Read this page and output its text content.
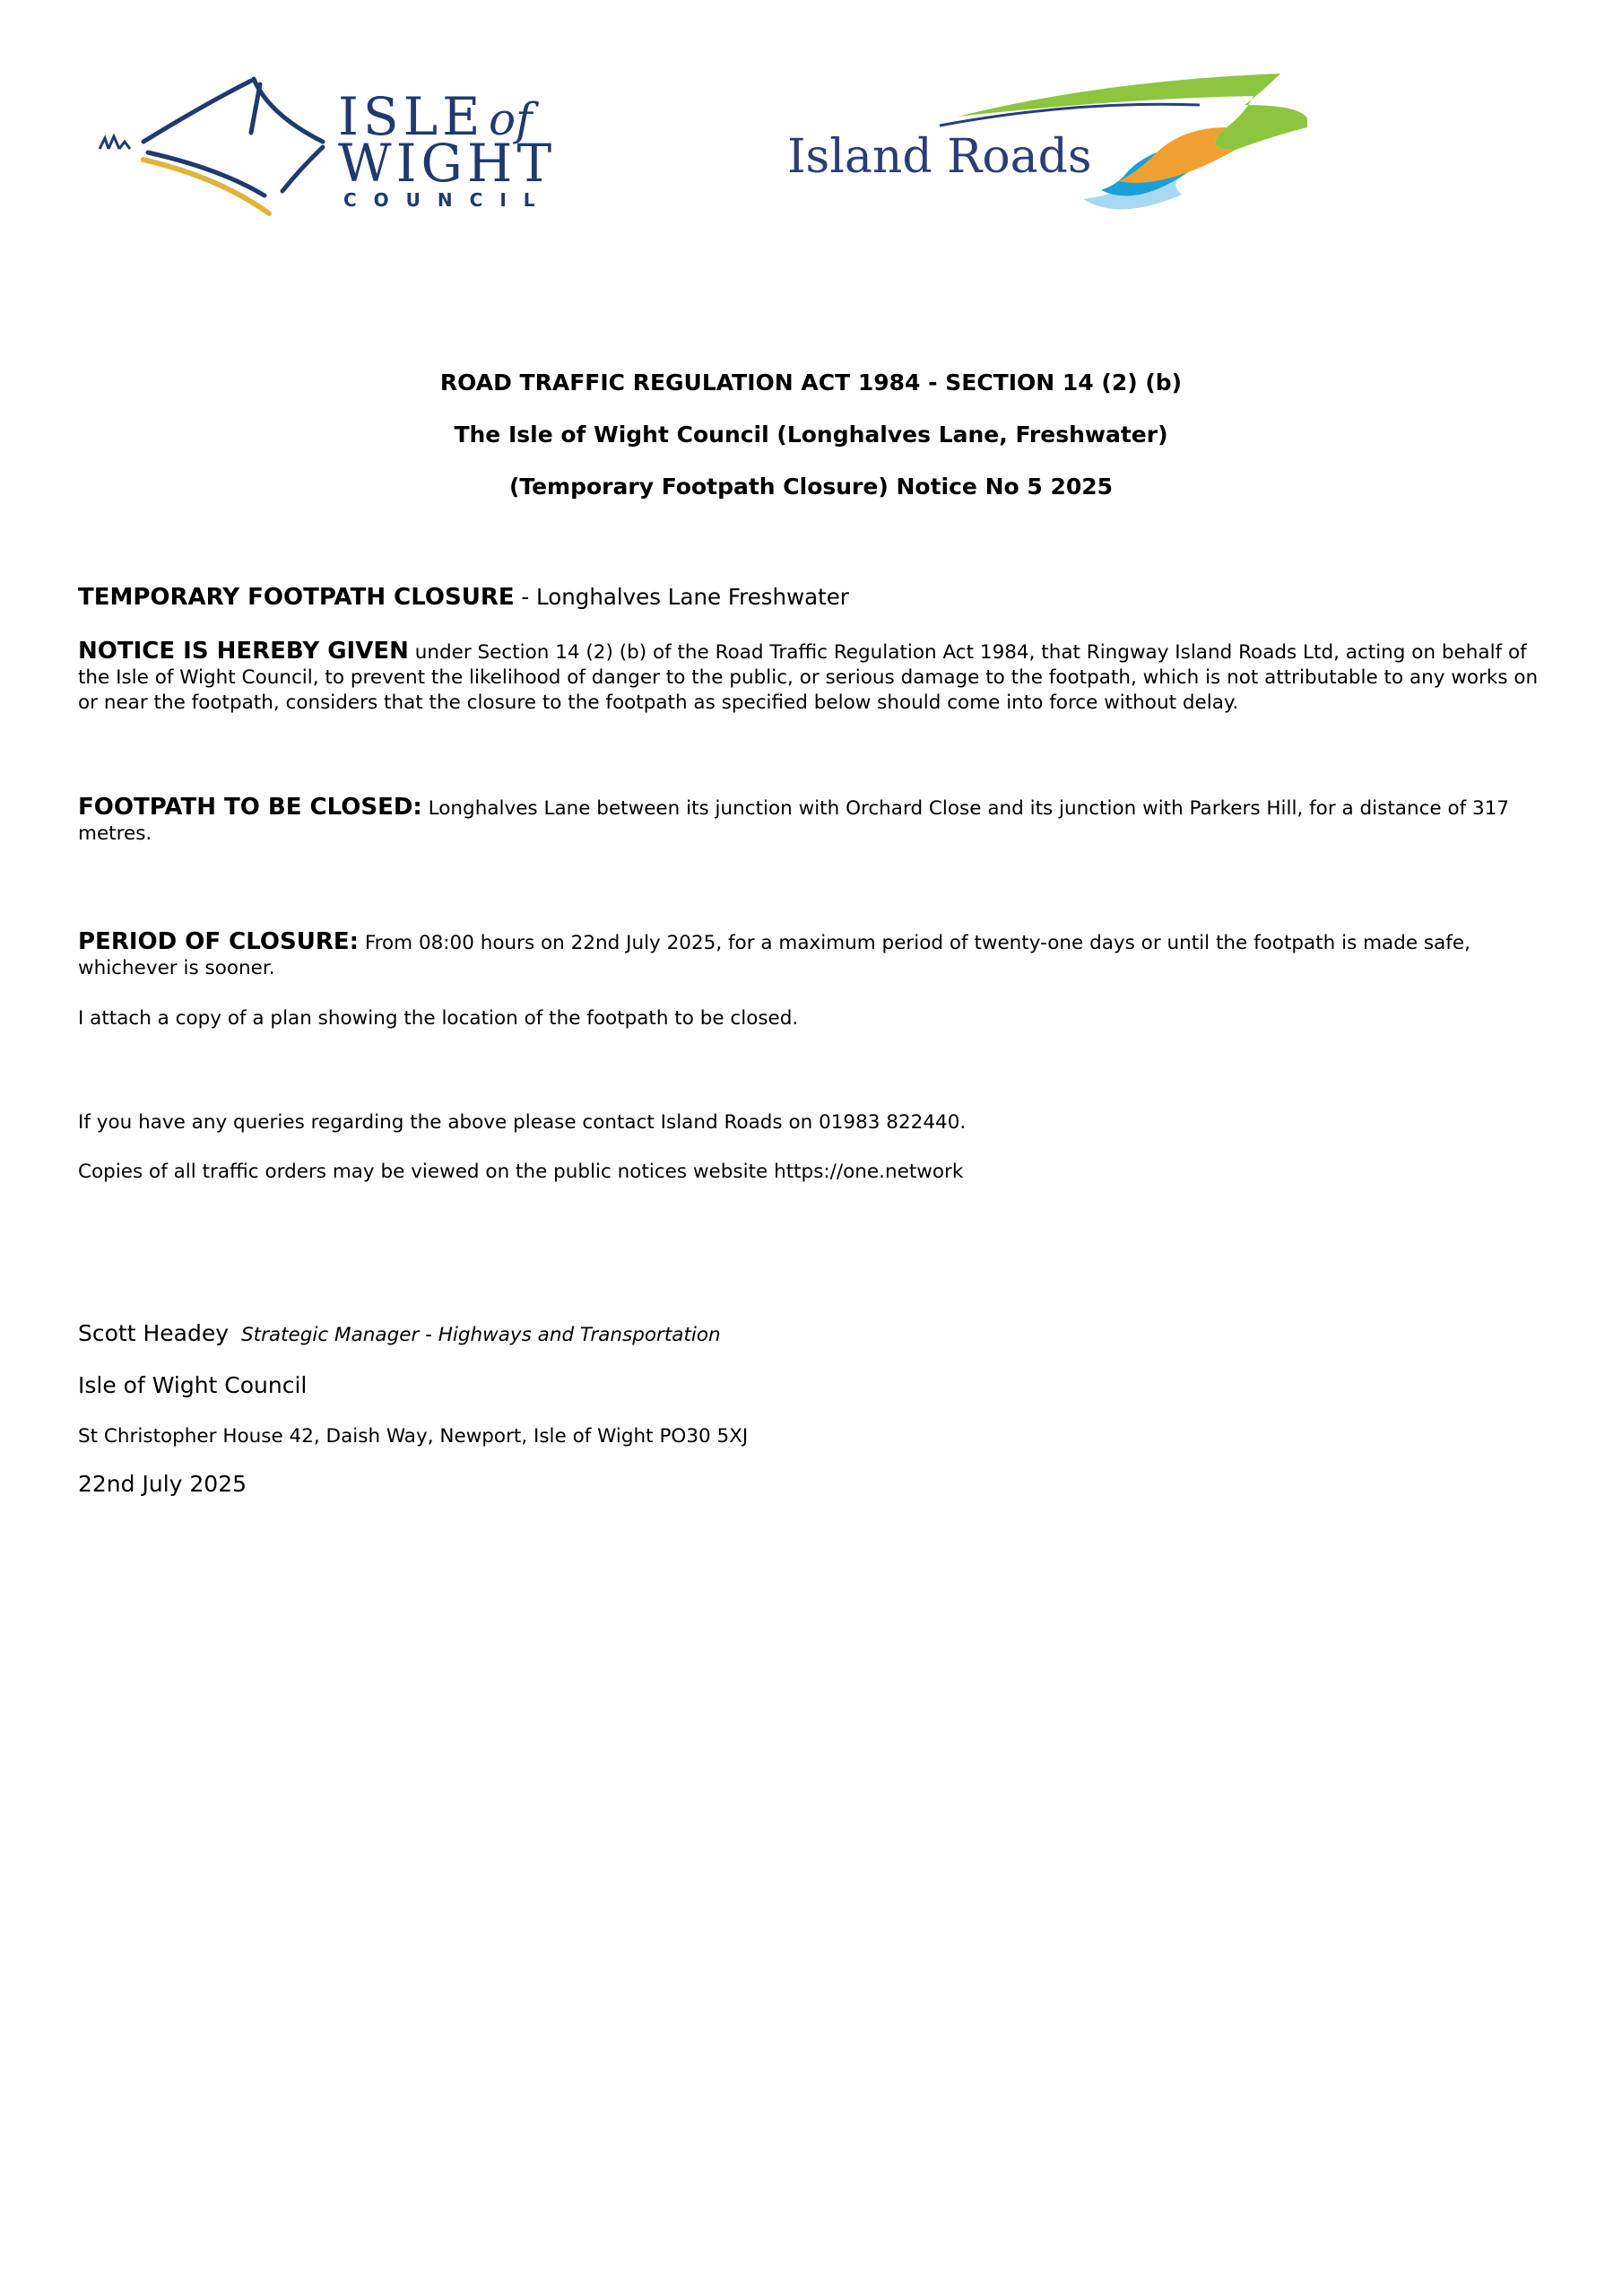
ISLE of
WIGHT
COUNCIL
Island Roads

ROAD TRAFFIC REGULATION ACT 1984 - SECTION 14 (2) (b)

The Isle of Wight Council (Longhalves Lane, Freshwater)

(Temporary Footpath Closure) Notice No 5 2025

TEMPORARY FOOTPATH CLOSURE - Longhalves Lane Freshwater

NOTICE IS HEREBY GIVEN under Section 14 (2) (b) of the Road Traffic Regulation Act 1984, that Ringway Island Roads Ltd, acting on behalf of the Isle of Wight Council, to prevent the likelihood of danger to the public, or serious damage to the footpath, which is not attributable to any works on or near the footpath, considers that the closure to the footpath as specified below should come into force without delay.

FOOTPATH TO BE CLOSED: Longhalves Lane between its junction with Orchard Close and its junction with Parkers Hill, for a distance of 317 metres.

PERIOD OF CLOSURE: From 08:00 hours on 22nd July 2025, for a maximum period of twenty-one days or until the footpath is made safe, whichever is sooner.

I attach a copy of a plan showing the location of the footpath to be closed.

If you have any queries regarding the above please contact Island Roads on 01983 822440.

Copies of all traffic orders may be viewed on the public notices website https://one.network

Scott Headey Strategic Manager - Highways and Transportation
Isle of Wight Council
St Christopher House 42, Daish Way, Newport, Isle of Wight PO30 5XJ
22nd July 2025
